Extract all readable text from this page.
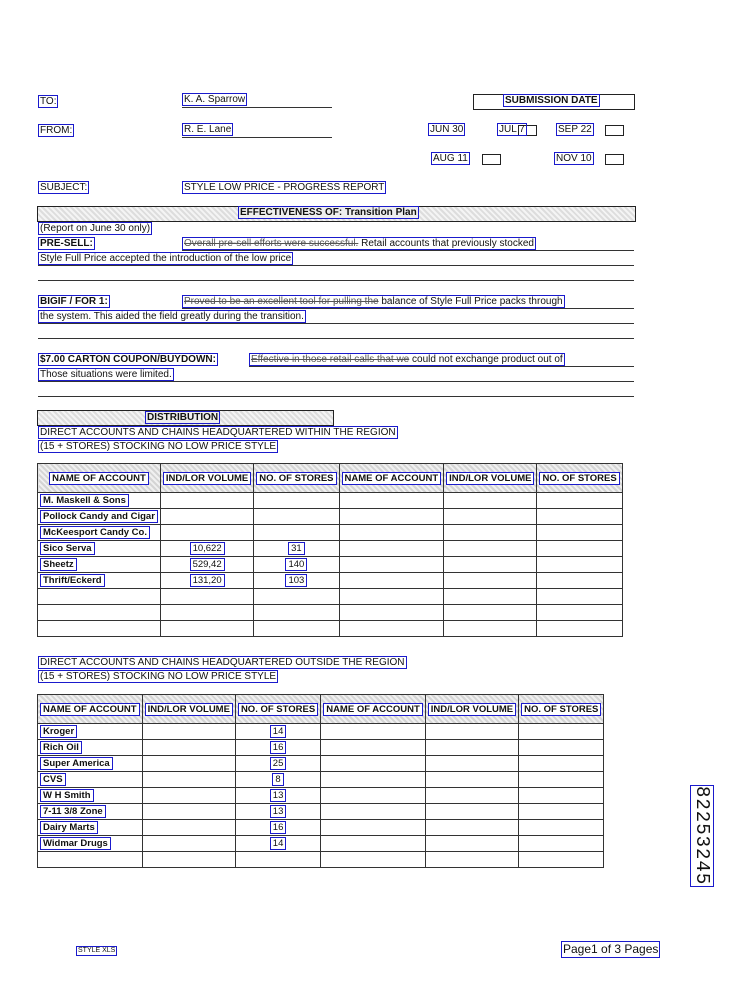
TO:	K. A. Sparrow
FROM:	R. E. Lane
SUBMISSION DATE
JUN 30	JUL 7	SEP 22
AUG 11	NOV 10
SUBJECT:	STYLE LOW PRICE - PROGRESS REPORT
EFFECTIVENESS OF: Transition Plan
(Report on June 30 only)
PRE-SELL:	Overall pre-sell efforts were successful. Retail accounts that previously stocked
Style Full Price accepted the introduction of the low price
BIGIF / FOR 1:	Proved to be an excellent tool for pulling the balance of Style Full Price packs through
the system. This aided the field greatly during the transition.
$7.00 CARTON COUPON/BUYDOWN:	Effective in those retail calls that we could not exchange product out of
Those situations were limited.
DISTRIBUTION
DIRECT ACCOUNTS AND CHAINS HEADQUARTERED WITHIN THE REGION
(15 + STORES) STOCKING NO LOW PRICE STYLE
NAME OF ACCOUNT	IND/LOR VOLUME	NO. OF STORES	NAME OF ACCOUNT	IND/LOR VOLUME	NO. OF STORES
M. Maskell & Sons					
Pollock Candy and Cigar					
McKeesport Candy Co.					
Sico Serva	10,622	31			
Sheetz	529,42	140			
Thrift/Eckerd	131,20	103			

DIRECT ACCOUNTS AND CHAINS HEADQUARTERED OUTSIDE THE REGION
(15 + STORES) STOCKING NO LOW PRICE STYLE
NAME OF ACCOUNT	IND/LOR VOLUME	NO. OF STORES	NAME OF ACCOUNT	IND/LOR VOLUME	NO. OF STORES
Kroger		14			
Rich Oil		16			
Super America		25			
CVS		8			
W H Smith		13			
7-11 3/8 Zone		13			
Dairy Marts		16			
Widmar Drugs		14			

STYLE XLS	Page1 of 3 Pages
82253245
